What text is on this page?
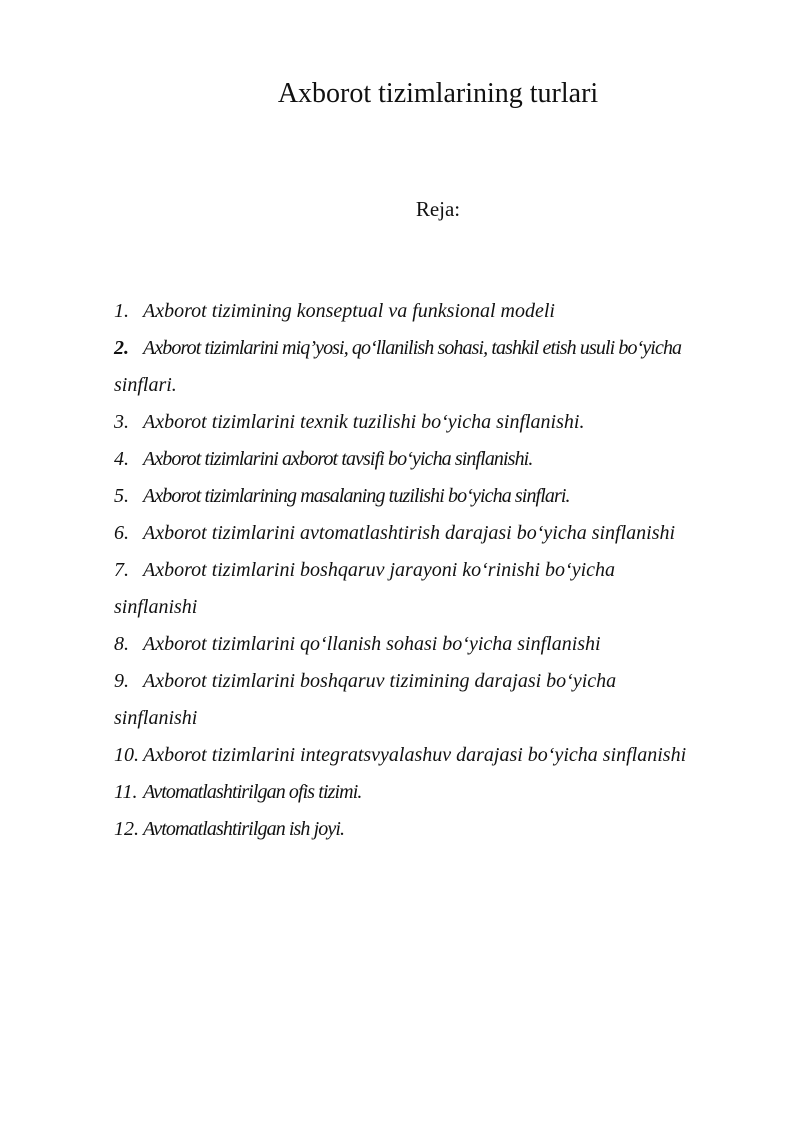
Axborot tizimlarining turlari

Reja:

1. Axborot tizimining konseptual va funksional modeli
2. Axborot tizimlarini miq’yosi, qo‘llanilish sohasi, tashkil etish usuli bo‘yicha
sinflari.
3. Axborot tizimlarini texnik tuzilishi bo‘yicha sinflanishi.
4. Axborot tizimlarini axborot tavsifi bo‘yicha sinflanishi.
5. Axborot tizimlarining masalaning tuzilishi bo‘yicha sinflari.
6. Axborot tizimlarini avtomatlashtirish darajasi bo‘yicha sinflanishi
7. Axborot tizimlarini boshqaruv jarayoni ko‘rinishi bo‘yicha
sinflanishi
8. Axborot tizimlarini qo‘llanish sohasi bo‘yicha sinflanishi
9. Axborot tizimlarini boshqaruv tizimining darajasi bo‘yicha
sinflanishi
10. Axborot tizimlarini integratsvyalashuv darajasi bo‘yicha sinflanishi
11. Avtomatlashtirilgan ofis tizimi.
12. Avtomatlashtirilgan ish joyi.
